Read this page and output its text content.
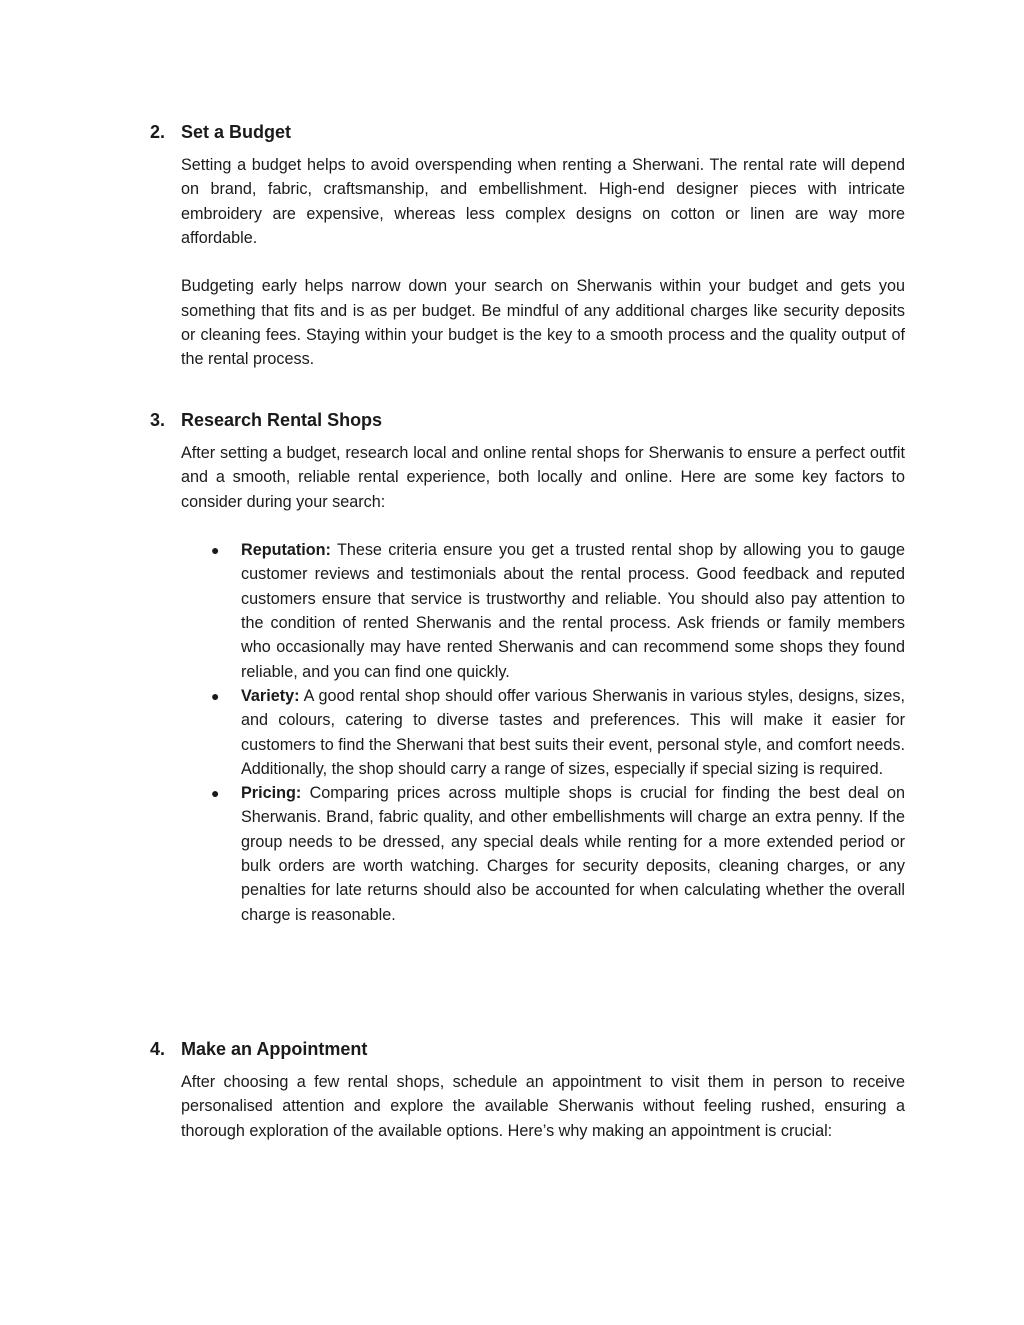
2. Set a Budget

Setting a budget helps to avoid overspending when renting a Sherwani. The rental rate will depend on brand, fabric, craftsmanship, and embellishment. High-end designer pieces with intricate embroidery are expensive, whereas less complex designs on cotton or linen are way more affordable.

Budgeting early helps narrow down your search on Sherwanis within your budget and gets you something that fits and is as per budget. Be mindful of any additional charges like security deposits or cleaning fees. Staying within your budget is the key to a smooth process and the quality output of the rental process.

3. Research Rental Shops

After setting a budget, research local and online rental shops for Sherwanis to ensure a perfect outfit and a smooth, reliable rental experience, both locally and online. Here are some key factors to consider during your search:

● Reputation: These criteria ensure you get a trusted rental shop by allowing you to gauge customer reviews and testimonials about the rental process. Good feedback and reputed customers ensure that service is trustworthy and reliable. You should also pay attention to the condition of rented Sherwanis and the rental process. Ask friends or family members who occasionally may have rented Sherwanis and can recommend some shops they found reliable, and you can find one quickly.
● Variety: A good rental shop should offer various Sherwanis in various styles, designs, sizes, and colours, catering to diverse tastes and preferences. This will make it easier for customers to find the Sherwani that best suits their event, personal style, and comfort needs. Additionally, the shop should carry a range of sizes, especially if special sizing is required.
● Pricing: Comparing prices across multiple shops is crucial for finding the best deal on Sherwanis. Brand, fabric quality, and other embellishments will charge an extra penny. If the group needs to be dressed, any special deals while renting for a more extended period or bulk orders are worth watching. Charges for security deposits, cleaning charges, or any penalties for late returns should also be accounted for when calculating whether the overall charge is reasonable.
4. Make an Appointment

After choosing a few rental shops, schedule an appointment to visit them in person to receive personalised attention and explore the available Sherwanis without feeling rushed, ensuring a thorough exploration of the available options. Here’s why making an appointment is crucial:
